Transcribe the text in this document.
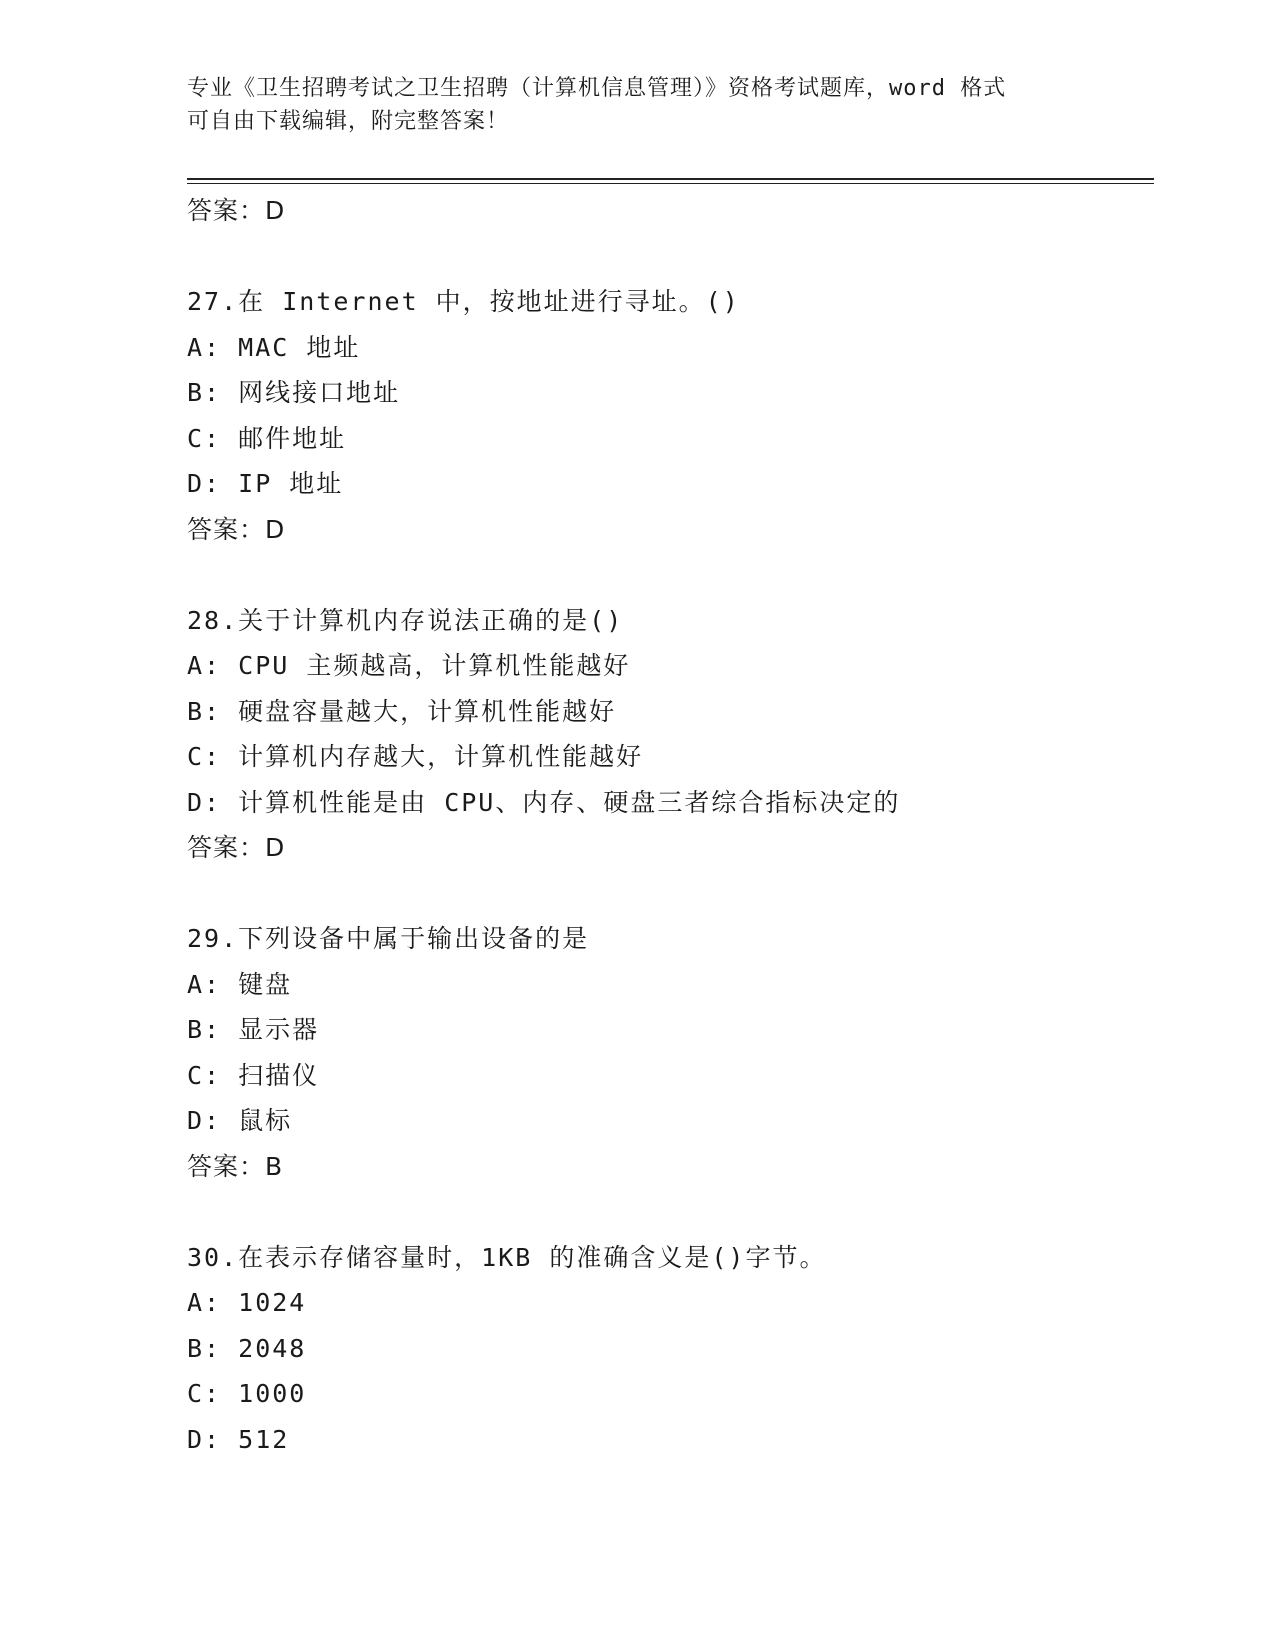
专业《卫生招聘考试之卫生招聘（计算机信息管理）》资格考试题库，word 格式
可自由下载编辑，附完整答案！
答案：D
27.在 Internet 中，按地址进行寻址。()
A: MAC 地址
B: 网线接口地址
C: 邮件地址
D: IP 地址
答案：D
28.关于计算机内存说法正确的是()
A: CPU 主频越高，计算机性能越好
B: 硬盘容量越大，计算机性能越好
C: 计算机内存越大，计算机性能越好
D: 计算机性能是由 CPU、内存、硬盘三者综合指标决定的
答案：D
29.下列设备中属于输出设备的是
A: 键盘
B: 显示器
C: 扫描仪
D: 鼠标
答案：B
30.在表示存储容量时，1KB 的准确含义是()字节。
A: 1024
B: 2048
C: 1000
D: 512
